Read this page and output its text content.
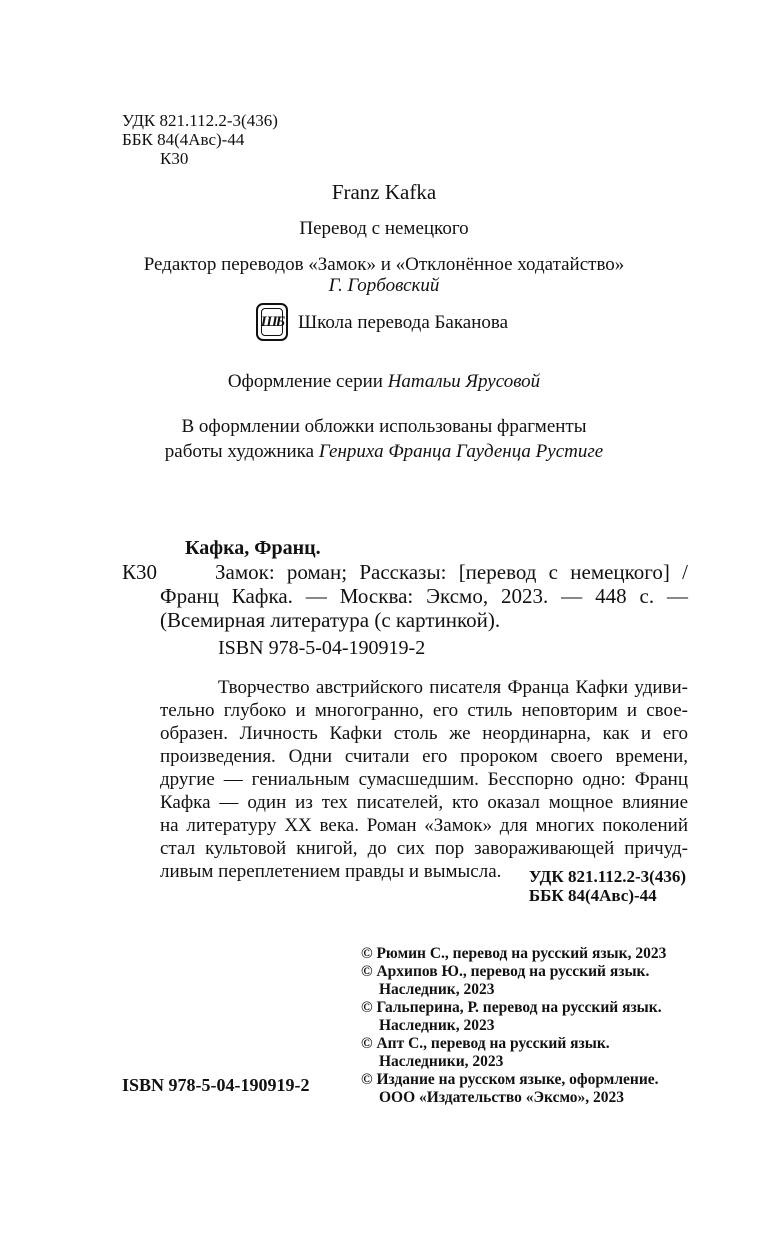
УДК 821.112.2-3(436)
ББК 84(4Авс)-44
К30
Franz Kafka
Перевод с немецкого
Редактор переводов «Замок» и «Отклонённое ходатайство»
Г. Горбовский
ШБ Школа перевода Баканова
Оформление серии Натальи Ярусовой
В оформлении обложки использованы фрагменты
работы художника Генриха Франца Гауденца Рустиге
Кафка, Франц.
К30	Замок: роман; Рассказы: [перевод с немецкого] /
Франц Кафка. — Москва: Эксмо, 2023. — 448 с. —
(Всемирная литература (с картинкой).
ISBN 978-5-04-190919-2
Творчество австрийского писателя Франца Кафки удиви-
тельно глубоко и многогранно, его стиль неповторим и свое-
образен. Личность Кафки столь же неординарна, как и его
произведения. Одни считали его пророком своего времени,
другие — гениальным сумасшедшим. Бесспорно одно: Франц
Кафка — один из тех писателей, кто оказал мощное влияние
на литературу XX века. Роман «Замок» для многих поколений
стал культовой книгой, до сих пор завораживающей причуд-
ливым переплетением правды и вымысла.	УДК 821.112.2-3(436)
ББК 84(4Авс)-44
© Рюмин С., перевод на русский язык, 2023
© Архипов Ю., перевод на русский язык.
Наследник, 2023
© Гальперина, Р. перевод на русский язык.
Наследник, 2023
© Апт С., перевод на русский язык.
Наследники, 2023
© Издание на русском языке, оформление.
ООО «Издательство «Эксмо», 2023
ISBN 978-5-04-190919-2
